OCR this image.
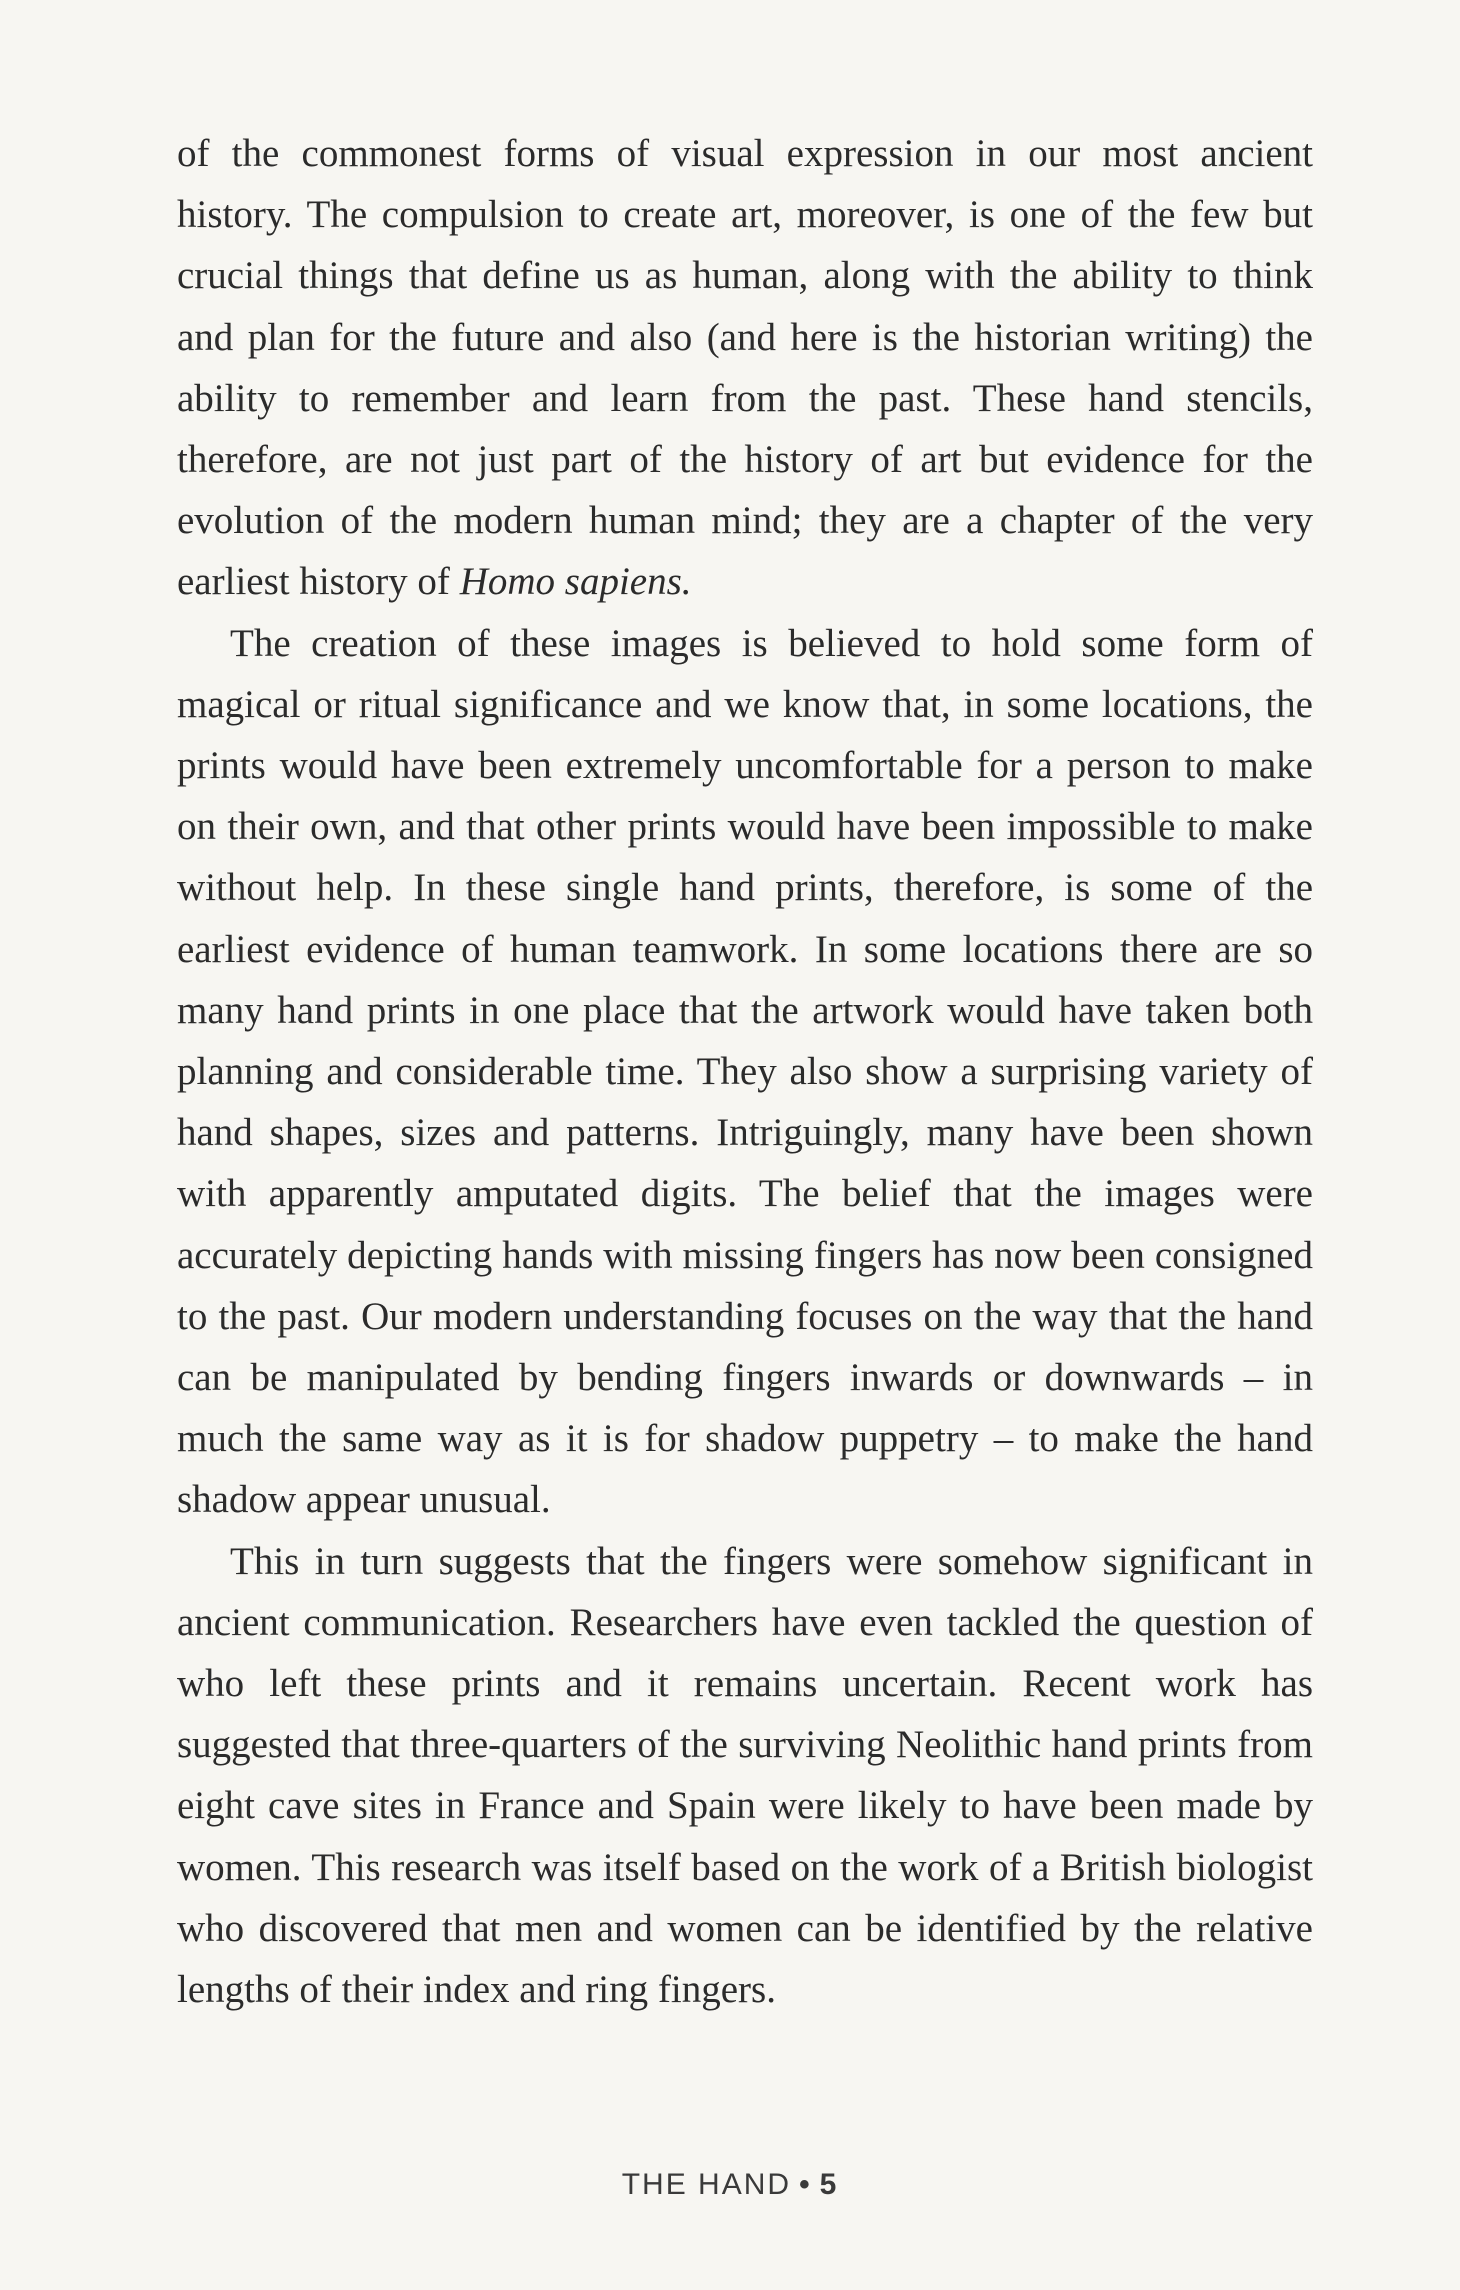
of the commonest forms of visual expression in our most ancient history. The compulsion to create art, moreover, is one of the few but crucial things that define us as human, along with the ability to think and plan for the future and also (and here is the historian writing) the ability to remember and learn from the past. These hand stencils, therefore, are not just part of the history of art but evidence for the evolution of the modern human mind; they are a chapter of the very earliest history of Homo sapiens.

The creation of these images is believed to hold some form of magical or ritual significance and we know that, in some locations, the prints would have been extremely uncomfortable for a person to make on their own, and that other prints would have been impossible to make without help. In these single hand prints, therefore, is some of the earliest evidence of human teamwork. In some locations there are so many hand prints in one place that the artwork would have taken both planning and considerable time. They also show a surprising variety of hand shapes, sizes and patterns. Intriguingly, many have been shown with apparently amputated digits. The belief that the images were accurately depicting hands with missing fingers has now been consigned to the past. Our modern understanding focuses on the way that the hand can be manipulated by bending fingers inwards or downwards – in much the same way as it is for shadow puppetry – to make the hand shadow appear unusual.

This in turn suggests that the fingers were somehow significant in ancient communication. Researchers have even tackled the question of who left these prints and it remains uncertain. Recent work has suggested that three-quarters of the surviving Neolithic hand prints from eight cave sites in France and Spain were likely to have been made by women. This research was itself based on the work of a British biologist who discovered that men and women can be identified by the relative lengths of their index and ring fingers.

THE HAND • 5
